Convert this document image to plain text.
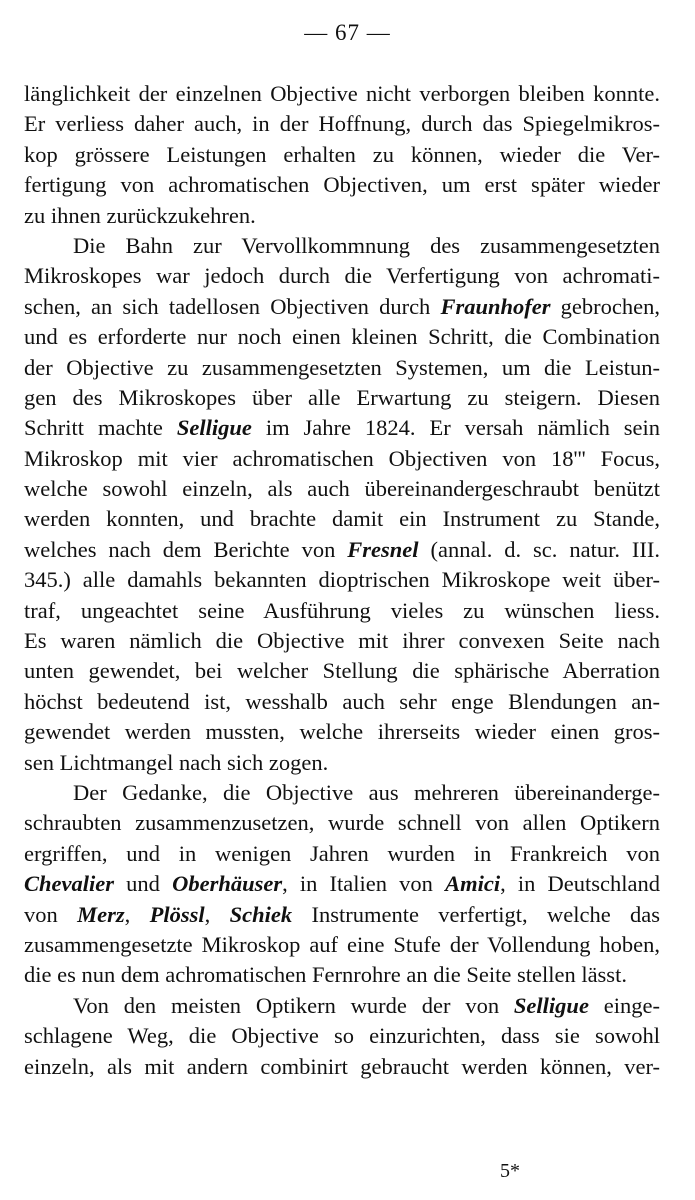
— 67 —
länglichkeit der einzelnen Objective nicht verborgen bleiben konnte.
Er verliess daher auch, in der Hoffnung, durch das Spiegelmikros-
kop grössere Leistungen erhalten zu können, wieder die Ver-
fertigung von achromatischen Objectiven, um erst später wieder
zu ihnen zurückzukehren.
Die Bahn zur Vervollkommnung des zusammengesetzten
Mikroskopes war jedoch durch die Verfertigung von achromati-
schen, an sich tadellosen Objectiven durch Fraunhofer gebrochen,
und es erforderte nur noch einen kleinen Schritt, die Combination
der Objective zu zusammengesetzten Systemen, um die Leistun-
gen des Mikroskopes über alle Erwartung zu steigern. Diesen
Schritt machte Selligue im Jahre 1824. Er versah nämlich sein
Mikroskop mit vier achromatischen Objectiven von 18''' Focus,
welche sowohl einzeln, als auch übereinandergeschraubt benützt
werden konnten, und brachte damit ein Instrument zu Stande,
welches nach dem Berichte von Fresnel (annal. d. sc. natur. III.
345.) alle damahls bekannten dioptrischen Mikroskope weit über-
traf, ungeachtet seine Ausführung vieles zu wünschen liess.
Es waren nämlich die Objective mit ihrer convexen Seite nach
unten gewendet, bei welcher Stellung die sphärische Aberration
höchst bedeutend ist, wesshalb auch sehr enge Blendungen an-
gewendet werden mussten, welche ihrerseits wieder einen gros-
sen Lichtmangel nach sich zogen.
Der Gedanke, die Objective aus mehreren übereinanderge-
schraubten zusammenzusetzen, wurde schnell von allen Optikern
ergriffen, und in wenigen Jahren wurden in Frankreich von
Chevalier und Oberhäuser, in Italien von Amici, in Deutschland
von Merz, Plössl, Schiek Instrumente verfertigt, welche das
zusammengesetzte Mikroskop auf eine Stufe der Vollendung hoben,
die es nun dem achromatischen Fernrohre an die Seite stellen lässt.
Von den meisten Optikern wurde der von Selligue einge-
schlagene Weg, die Objective so einzurichten, dass sie sowohl
einzeln, als mit andern combinirt gebraucht werden können, ver-
5*
